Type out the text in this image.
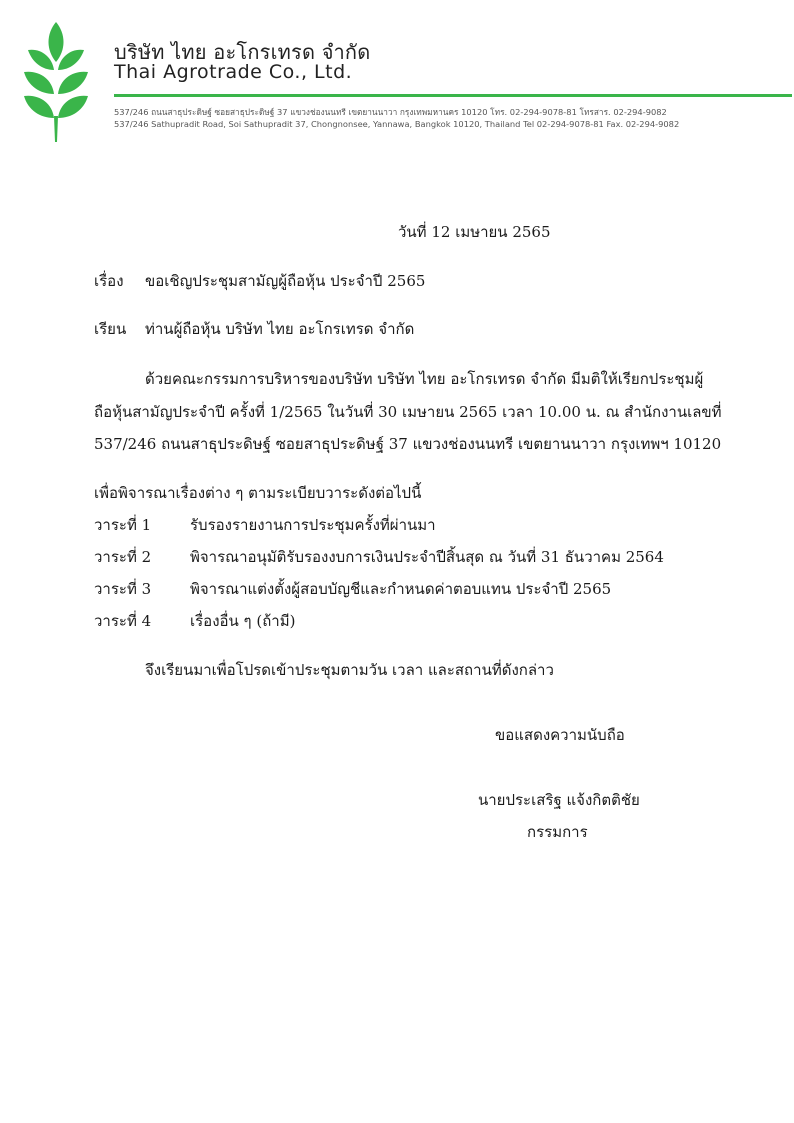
บริษัท ไทย อะโกรเทรด จำกัด
Thai Agrotrade Co., Ltd.
537/246 ถนนสาธุประดิษฐ์ ซอยสาธุประดิษฐ์ 37 แขวงช่องนนทรี เขตยานนาวา กรุงเทพมหานคร 10120 โทร. 02-294-9078-81 โทรสาร. 02-294-9082
537/246 Sathupradit Road, Soi Sathupradit 37, Chongnonsee, Yannawa, Bangkok 10120, Thailand Tel 02-294-9078-81 Fax. 02-294-9082
วันที่ 12 เมษายน 2565
เรื่อง ขอเชิญประชุมสามัญผู้ถือหุ้น ประจำปี 2565
เรียน ท่านผู้ถือหุ้น บริษัท ไทย อะโกรเทรด จำกัด
ด้วยคณะกรรมการบริหารของบริษัท บริษัท ไทย อะโกรเทรด จำกัด มีมติให้เรียกประชุมผู้
ถือหุ้นสามัญประจำปี ครั้งที่ 1/2565 ในวันที่ 30 เมษายน 2565 เวลา 10.00 น. ณ สำนักงานเลขที่
537/246 ถนนสาธุประดิษฐ์ ซอยสาธุประดิษฐ์ 37 แขวงช่องนนทรี เขตยานนาวา กรุงเทพฯ 10120
เพื่อพิจารณาเรื่องต่าง ๆ ตามระเบียบวาระดังต่อไปนี้
วาระที่ 1	รับรองรายงานการประชุมครั้งที่ผ่านมา
วาระที่ 2	พิจารณาอนุมัติรับรองงบการเงินประจำปีสิ้นสุด ณ วันที่ 31 ธันวาคม 2564
วาระที่ 3	พิจารณาแต่งตั้งผู้สอบบัญชีและกำหนดค่าตอบแทน ประจำปี 2565
วาระที่ 4	เรื่องอื่น ๆ (ถ้ามี)
จึงเรียนมาเพื่อโปรดเข้าประชุมตามวัน เวลา และสถานที่ดังกล่าว
ขอแสดงความนับถือ
นายประเสริฐ แจ้งกิตติชัย
กรรมการ
